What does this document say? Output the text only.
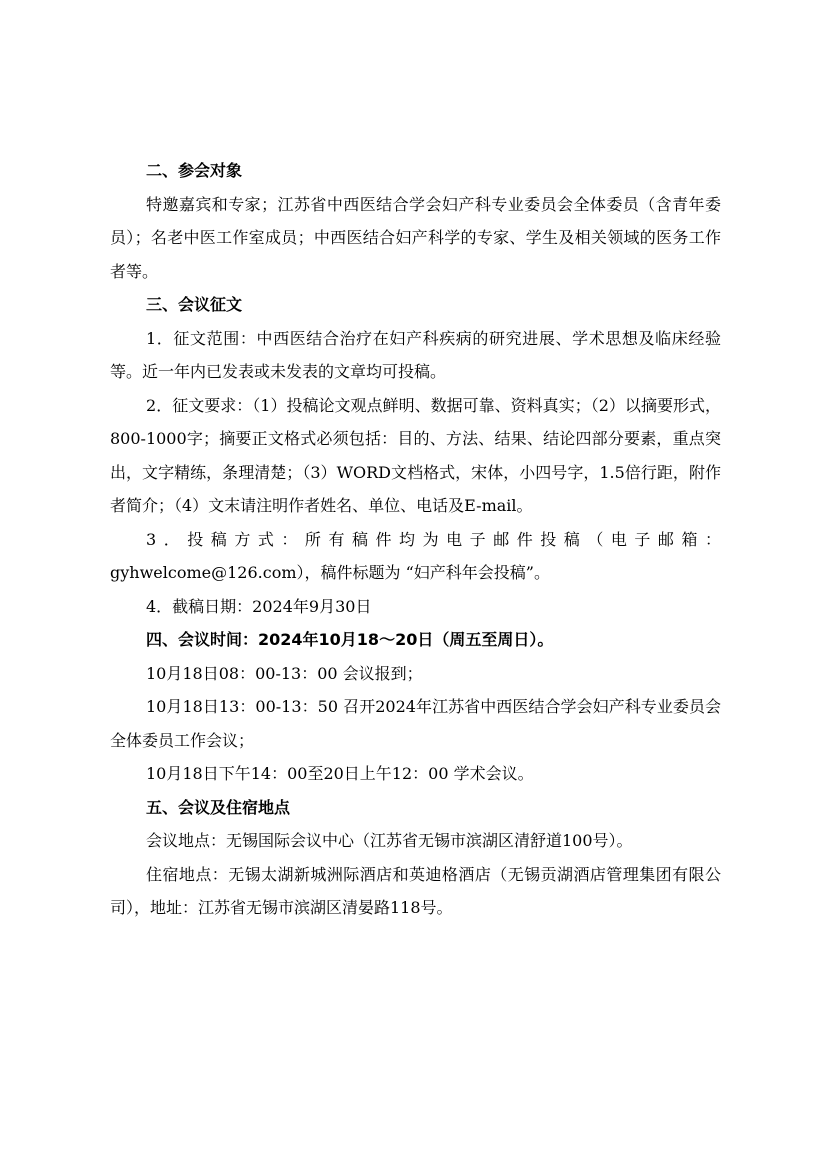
二、参会对象

特邀嘉宾和专家；江苏省中西医结合学会妇产科专业委员会全体委员（含青年委员）；名老中医工作室成员；中西医结合妇产科学的专家、学生及相关领域的医务工作者等。

三、会议征文

1．征文范围：中西医结合治疗在妇产科疾病的研究进展、学术思想及临床经验等。近一年内已发表或未发表的文章均可投稿。

2．征文要求：（1）投稿论文观点鲜明、数据可靠、资料真实；（2）以摘要形式，800-1000字；摘要正文格式必须包括：目的、方法、结果、结论四部分要素，重点突出，文字精练，条理清楚；（3）WORD文档格式，宋体，小四号字，1.5倍行距，附作者简介；（4）文末请注明作者姓名、单位、电话及E-mail。

3．投稿方式：所有稿件均为电子邮件投稿（电子邮箱：gyhwelcome@126.com），稿件标题为 “妇产科年会投稿”。

4．截稿日期：2024年9月30日

四、会议时间：2024年10月18～20日（周五至周日）。

10月18日08：00-13：00 会议报到；

10月18日13：00-13：50 召开2024年江苏省中西医结合学会妇产科专业委员会全体委员工作会议；

10月18日下午14：00至20日上午12：00 学术会议。

五、会议及住宿地点

会议地点：无锡国际会议中心（江苏省无锡市滨湖区清舒道100号）。

住宿地点：无锡太湖新城洲际酒店和英迪格酒店（无锡贡湖酒店管理集团有限公司），地址：江苏省无锡市滨湖区清晏路118号。
